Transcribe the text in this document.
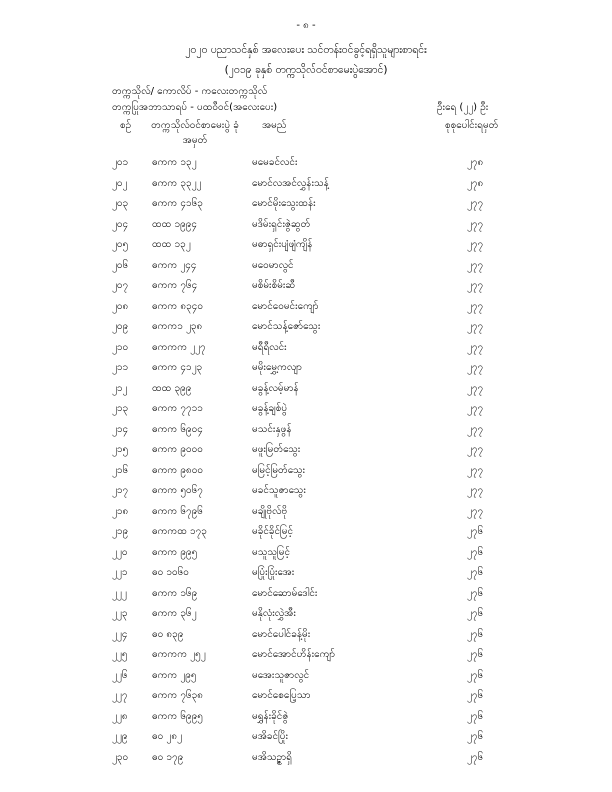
- ၈ -
၂၀၂၀ ပညာသင်နှစ် အလေးပေး သင်တန်းဝင်ခွင့်ရရှိသူများစာရင်း
(၂၀၁၉ ခုနှစ် တက္ကသိုလ်ဝင်စာမေးပွဲအောင်)
တက္ကသိုလ်/ ကောလိပ် - ကလေးတက္ကသိုလ်
တက္ကပြုအဘာသာရပ် - ပထဝီဝင်(အလေးပေး)	ဦးရေ (၂၂) ဦး
စဉ်	တက္ကသိုလ်ဝင်စာမေးပွဲ ခုံအမှတ်
အမည်	စုစုပေါင်းရမှတ်
၂၀၁ ဓကက ၁၃၂	မမေခင်လင်း	၂၇၈
၂၀၂ ဓကက ၃၃၂၂	မောင်လအင်လွှန်းသန့်	၂၇၈
၂၀၃ ဓကက ၄၁၆၃	မောင်မိုးသွေးထန်း	၂၇၇
၂၀၄ ထထ ၁၉၉၄	မဒိမ်းရှင်းဇွဲဆွတ်	၂၇၇
၂၀၅ ထထ ၁၃၂	မဓာရှင်းပျံဖျံကျိန်	၂၇၇
၂၀၆ ဓကက ၂၄၄	မဝေမာလွင်	၂၇၇
၂၀၇ ဓကက ၇၆၄	မစိမ်းစိမ်းဆီ	၂၇၇
၂၀၈ ဓကက ၈၃၄၀	မောင်ဝေမင်းကျော်	၂၇၇
၂၀၉ ဓကက၁ ၂၃၈	မောင်သန့်ဇော်သွေး	၂၇၇
၂၁၀ ဓကကက ၂၂၇	မရီရီလင်း	၂၇၇
၂၁၁ ဓကက ၄၁၂၃	မမိုးမွှေ့ကလျာ	၂၇၇
၂၁၂ ထထ ၃၉၉	မခွန့်လမ့်မာန်	၂၇၇
၂၁၃ ဓကက ၇၇၁၁	မခွန့်ချစ်ပွဲ	၂၇၇
၂၁၄ ဓကက ၆၉၀၄	မသင်းနှဖွန်	၂၇၇
၂၁၅ ဓကက ၉၀၀၀	မဖူးမြတ်သွေး	၂၇၇
၂၁၆ ဓကက ၉၈၀၀	မမြင့်မြတ်သွေး	၂၇၇
၂၁၇ ဓကက ၅၀၆၇	မခင်သူဇာသွေး	၂၇၇
၂၁၈ ဓကက ၆၇၉၆	မချိုဗိုလ်ဗို	၂၇၇
၂၁၉ ဓကကထ ၁၇၃	မခိုင်ခိုင်မြင့်	၂၇၆
၂၂၀ ဓကက ၉၉၅	မသူသူမြင့်	၂၇၆
၂၂၁ ဓဝ ၁၀၆၀	မပြုံးပြုံးအေး	၂၇၆
၂၂၂	ဓကက ၁၆၉	မောင်ဆောမ်ဒေါင်း	၂၇၆
၂၂၃ ဓကက ၃၆၂	မနိုလုံးလွှဲအီး	၂၇၆
၂၂၄ ဓဝ ၈၃၉	မောင်ပေါင်ခန့်မိုး	၂၇၆
၂၂၅ ဓကကက ၂၅၂	မောင်အောင်ဟိန်းကျော်	၂၇၆
၂၂၆ ဓကက ၂၉၅	မအေးသူဇာလွင်	၂၇၆
၂၂၇ ဓကက ၇၆၃၈	မောင်စေပြေ့သာ	၂၇၆
၂၂၈ ဓကက ၆၉၉၅	မရွှန်းခိုင်ဇွဲ	၂၇၆
၂၂၉ ဓဝ ၂၈၂	မအိခင်ပြိုး	၂၇၆
၂၃၀ ဓဝ ၁၇၉	မအိသဉ္ဇာရှိ	၂၇၆
